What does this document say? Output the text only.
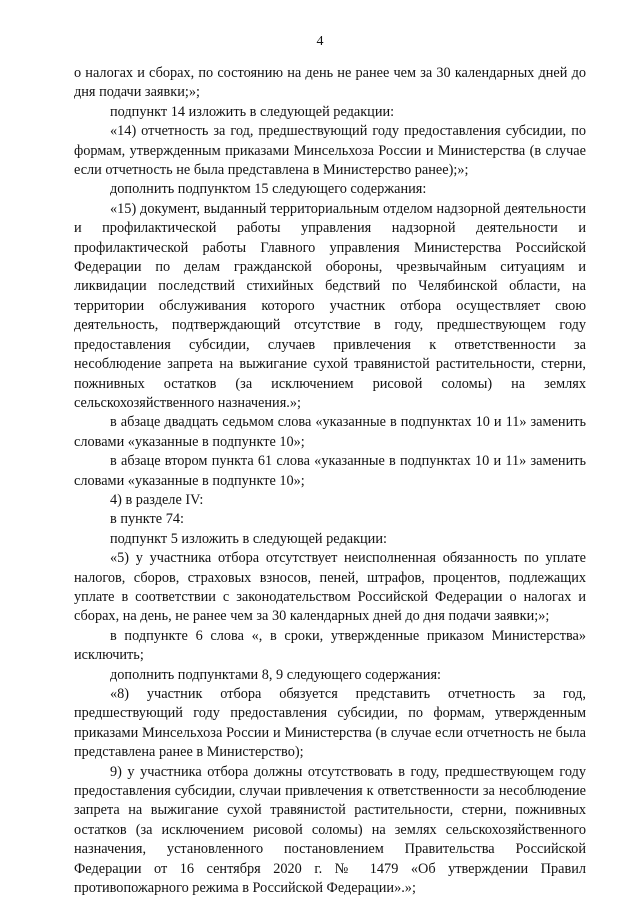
4

о налогах и сборах, по состоянию на день не ранее чем за 30 календарных дней до дня подачи заявки;»;

подпункт 14 изложить в следующей редакции:

«14) отчетность за год, предшествующий году предоставления субсидии, по формам, утвержденным приказами Минсельхоза России и Министерства (в случае если отчетность не была представлена в Министерство ранее);»;

дополнить подпунктом 15 следующего содержания:

«15) документ, выданный территориальным отделом надзорной деятельности и профилактической работы управления надзорной деятельности и профилактической работы Главного управления Министерства Российской Федерации по делам гражданской обороны, чрезвычайным ситуациям и ликвидации последствий стихийных бедствий по Челябинской области, на территории обслуживания которого участник отбора осуществляет свою деятельность, подтверждающий отсутствие в году, предшествующем году предоставления субсидии, случаев привлечения к ответственности за несоблюдение запрета на выжигание сухой травянистой растительности, стерни, пожнивных остатков (за исключением рисовой соломы) на землях сельскохозяйственного назначения.»;

в абзаце двадцать седьмом слова «указанные в подпунктах 10 и 11» заменить словами «указанные в подпункте 10»;

в абзаце втором пункта 61 слова «указанные в подпунктах 10 и 11» заменить словами «указанные в подпункте 10»;

4) в разделе IV:

в пункте 74:

подпункт 5 изложить в следующей редакции:

«5) у участника отбора отсутствует неисполненная обязанность по уплате налогов, сборов, страховых взносов, пеней, штрафов, процентов, подлежащих уплате в соответствии с законодательством Российской Федерации о налогах и сборах, на день, не ранее чем за 30 календарных дней до дня подачи заявки;»;

в подпункте 6 слова «, в сроки, утвержденные приказом Министерства» исключить;

дополнить подпунктами 8, 9 следующего содержания:

«8) участник отбора обязуется представить отчетность за год, предшествующий году предоставления субсидии, по формам, утвержденным приказами Минсельхоза России и Министерства (в случае если отчетность не была представлена ранее в Министерство);

9) у участника отбора должны отсутствовать в году, предшествующем году предоставления субсидии, случаи привлечения к ответственности за несоблюдение запрета на выжигание сухой травянистой растительности, стерни, пожнивных остатков (за исключением рисовой соломы) на землях сельскохозяйственного назначения, установленного постановлением Правительства Российской Федерации от 16 сентября 2020 г. № 1479 «Об утверждении Правил противопожарного режима в Российской Федерации».»;
